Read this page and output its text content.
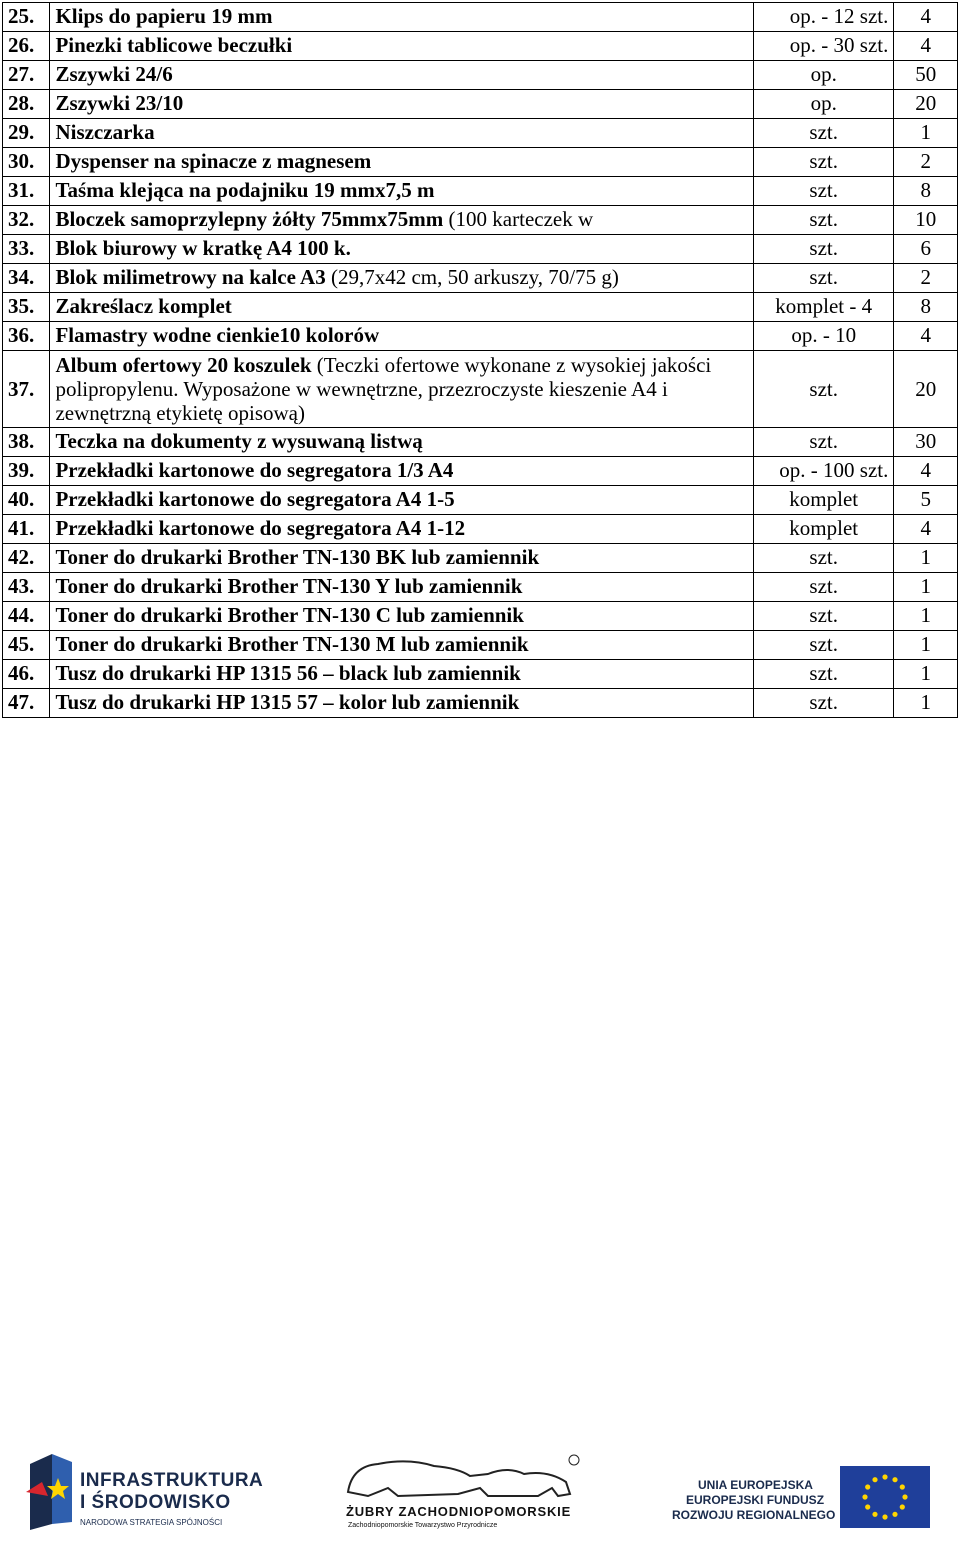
25.	Klips do papieru 19 mm	op. - 12 szt.	4
26.	Pinezki tablicowe beczułki	op. - 30 szt.	4
27.	Zszywki 24/6	op.	50
28.	Zszywki 23/10	op.	20
29.	Niszczarka	szt.	1
30.	Dyspenser na spinacze z magnesem	szt.	2
31.	Taśma klejąca na podajniku 19 mmx7,5 m	szt.	8
32.	Bloczek samoprzylepny żółty 75mmx75mm (100 karteczek w	szt.	10
33.	Blok biurowy w kratkę A4 100 k.	szt.	6
34.	Blok milimetrowy na kalce A3 (29,7x42 cm, 50 arkuszy, 70/75 g)	szt.	2
35.	Zakreślacz komplet	komplet - 4	8
36.	Flamastry wodne cienkie10 kolorów	op. - 10	4
37.	Album ofertowy 20 koszulek (Teczki ofertowe wykonane z wysokiej jakości polipropylenu. Wyposażone w wewnętrzne, przezroczyste kieszenie A4 i zewnętrzną etykietę opisową)	szt.	20
38.	Teczka na dokumenty z wysuwaną listwą	szt.	30
39.	Przekładki kartonowe do segregatora 1/3 A4	op. - 100 szt.	4
40.	Przekładki kartonowe do segregatora A4 1-5	komplet	5
41.	Przekładki kartonowe do segregatora A4 1-12	komplet	4
42.	Toner do drukarki Brother TN-130 BK lub zamiennik	szt.	1
43.	Toner do drukarki Brother TN-130 Y lub zamiennik	szt.	1
44.	Toner do drukarki Brother TN-130 C lub zamiennik	szt.	1
45.	Toner do drukarki Brother TN-130 M lub zamiennik	szt.	1
46.	Tusz do drukarki HP 1315 56 – black lub zamiennik	szt.	1
47.	Tusz do drukarki HP 1315 57 – kolor lub zamiennik	szt.	1
INFRASTRUKTURA
I ŚRODOWISKO
NARODOWA STRATEGIA SPÓJNOŚCI
ŻUBRY ZACHODNIOPOMORSKIE
Zachodniopomorskie Towarzystwo Przyrodnicze
UNIA EUROPEJSKA
EUROPEJSKI FUNDUSZ
ROZWOJU REGIONALNEGO
